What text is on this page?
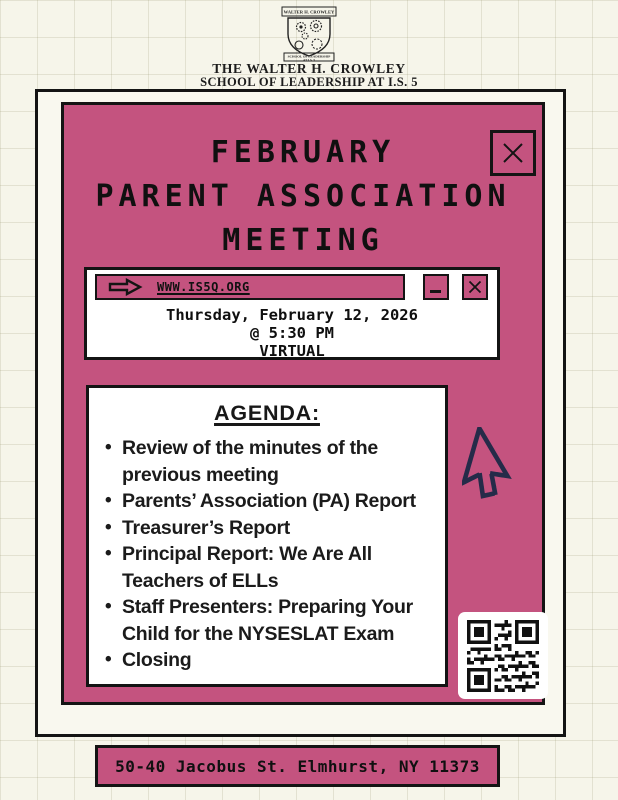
WALTER H. CROWLEY
SCHOOL OF LEADERSHIP
AT I.S. 5
THE WALTER H. CROWLEY
SCHOOL OF LEADERSHIP AT I.S. 5
FEBRUARY
PARENT ASSOCIATION
MEETING
WWW.IS5Q.ORG
Thursday, February 12, 2026
@ 5:30 PM
VIRTUAL
AGENDA:
• Review of the minutes of the previous meeting
• Parents’ Association (PA) Report
• Treasurer’s Report
• Principal Report: We Are All Teachers of ELLs
• Staff Presenters: Preparing Your Child for the NYSESLAT Exam
• Closing
50-40 Jacobus St. Elmhurst, NY 11373
